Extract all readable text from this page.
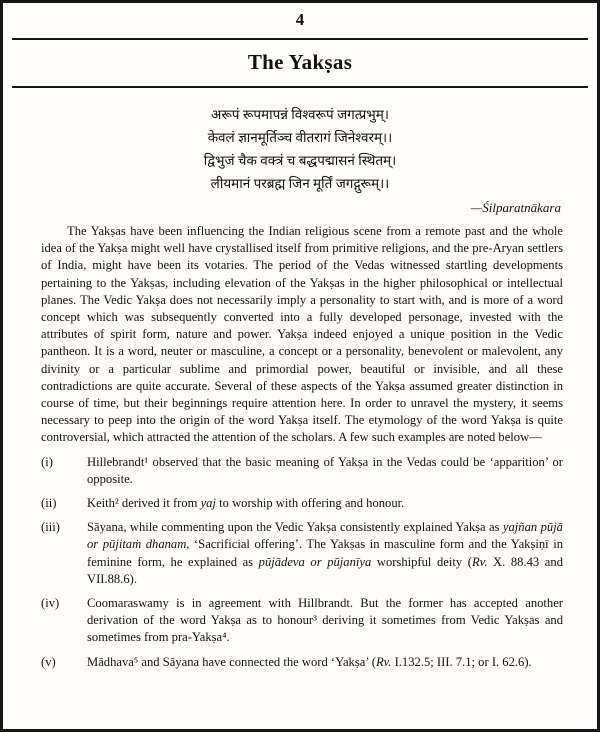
4
The Yakṣas
अरूपं रूपमापन्नं विश्वरूपं जगत्प्रभुम्।
केवलं ज्ञानमूर्तिञ्च वीतरागं जिनेश्वरम्।।
द्विभुजं चैक वक्त्रं च बद्धपद्मासनं स्थितम्।
लीयमानं परब्रह्म जिन मूर्तिं जगद्गुरूम्।।
—Śilparatnākara

The Yakṣas have been influencing the Indian religious scene from a remote past and the whole idea of the Yakṣa might well have crystallised itself from primitive religions, and the pre-Aryan settlers of India, might have been its votaries. The period of the Vedas witnessed startling developments pertaining to the Yakṣas, including elevation of the Yakṣas in the higher philosophical or intellectual planes. The Vedic Yakṣa does not necessarily imply a personality to start with, and is more of a word concept which was subsequently converted into a fully developed personage, invested with the attributes of spirit form, nature and power. Yakṣa indeed enjoyed a unique position in the Vedic pantheon. It is a word, neuter or masculine, a concept or a personality, benevolent or malevolent, any divinity or a particular sublime and primordial power, beautiful or invisible, and all these contradictions are quite accurate. Several of these aspects of the Yakṣa assumed greater distinction in course of time, but their beginnings require attention here. In order to unravel the mystery, it seems necessary to peep into the origin of the word Yakṣa itself. The etymology of the word Yakṣa is quite controversial, which attracted the attention of the scholars. A few such examples are noted below—

(i)	Hillebrandt¹ observed that the basic meaning of Yakṣa in the Vedas could be ‘apparition’ or opposite.
(ii)	Keith² derived it from yaj to worship with offering and honour.
(iii)	Sāyana, while commenting upon the Vedic Yakṣa consistently explained Yakṣa as yajñan pūjā or pūjitaṁ dhanam, ‘Sacrificial offering’. The Yakṣas in masculine form and the Yakṣiṇī in feminine form, he explained as pūjādeva or pūjanīya worshipful deity (Rv. X. 88.43 and VII.88.6).
(iv)	Coomaraswamy is in agreement with Hillbrandt. But the former has accepted another derivation of the word Yakṣa as to honour³ deriving it sometimes from Vedic Yakṣas and sometimes from pra-Yakṣa⁴.
(v)	Mādhava⁵ and Sāyana have connected the word ‘Yakṣa’ (Rv. I.132.5; III. 7.1; or I. 62.6).
